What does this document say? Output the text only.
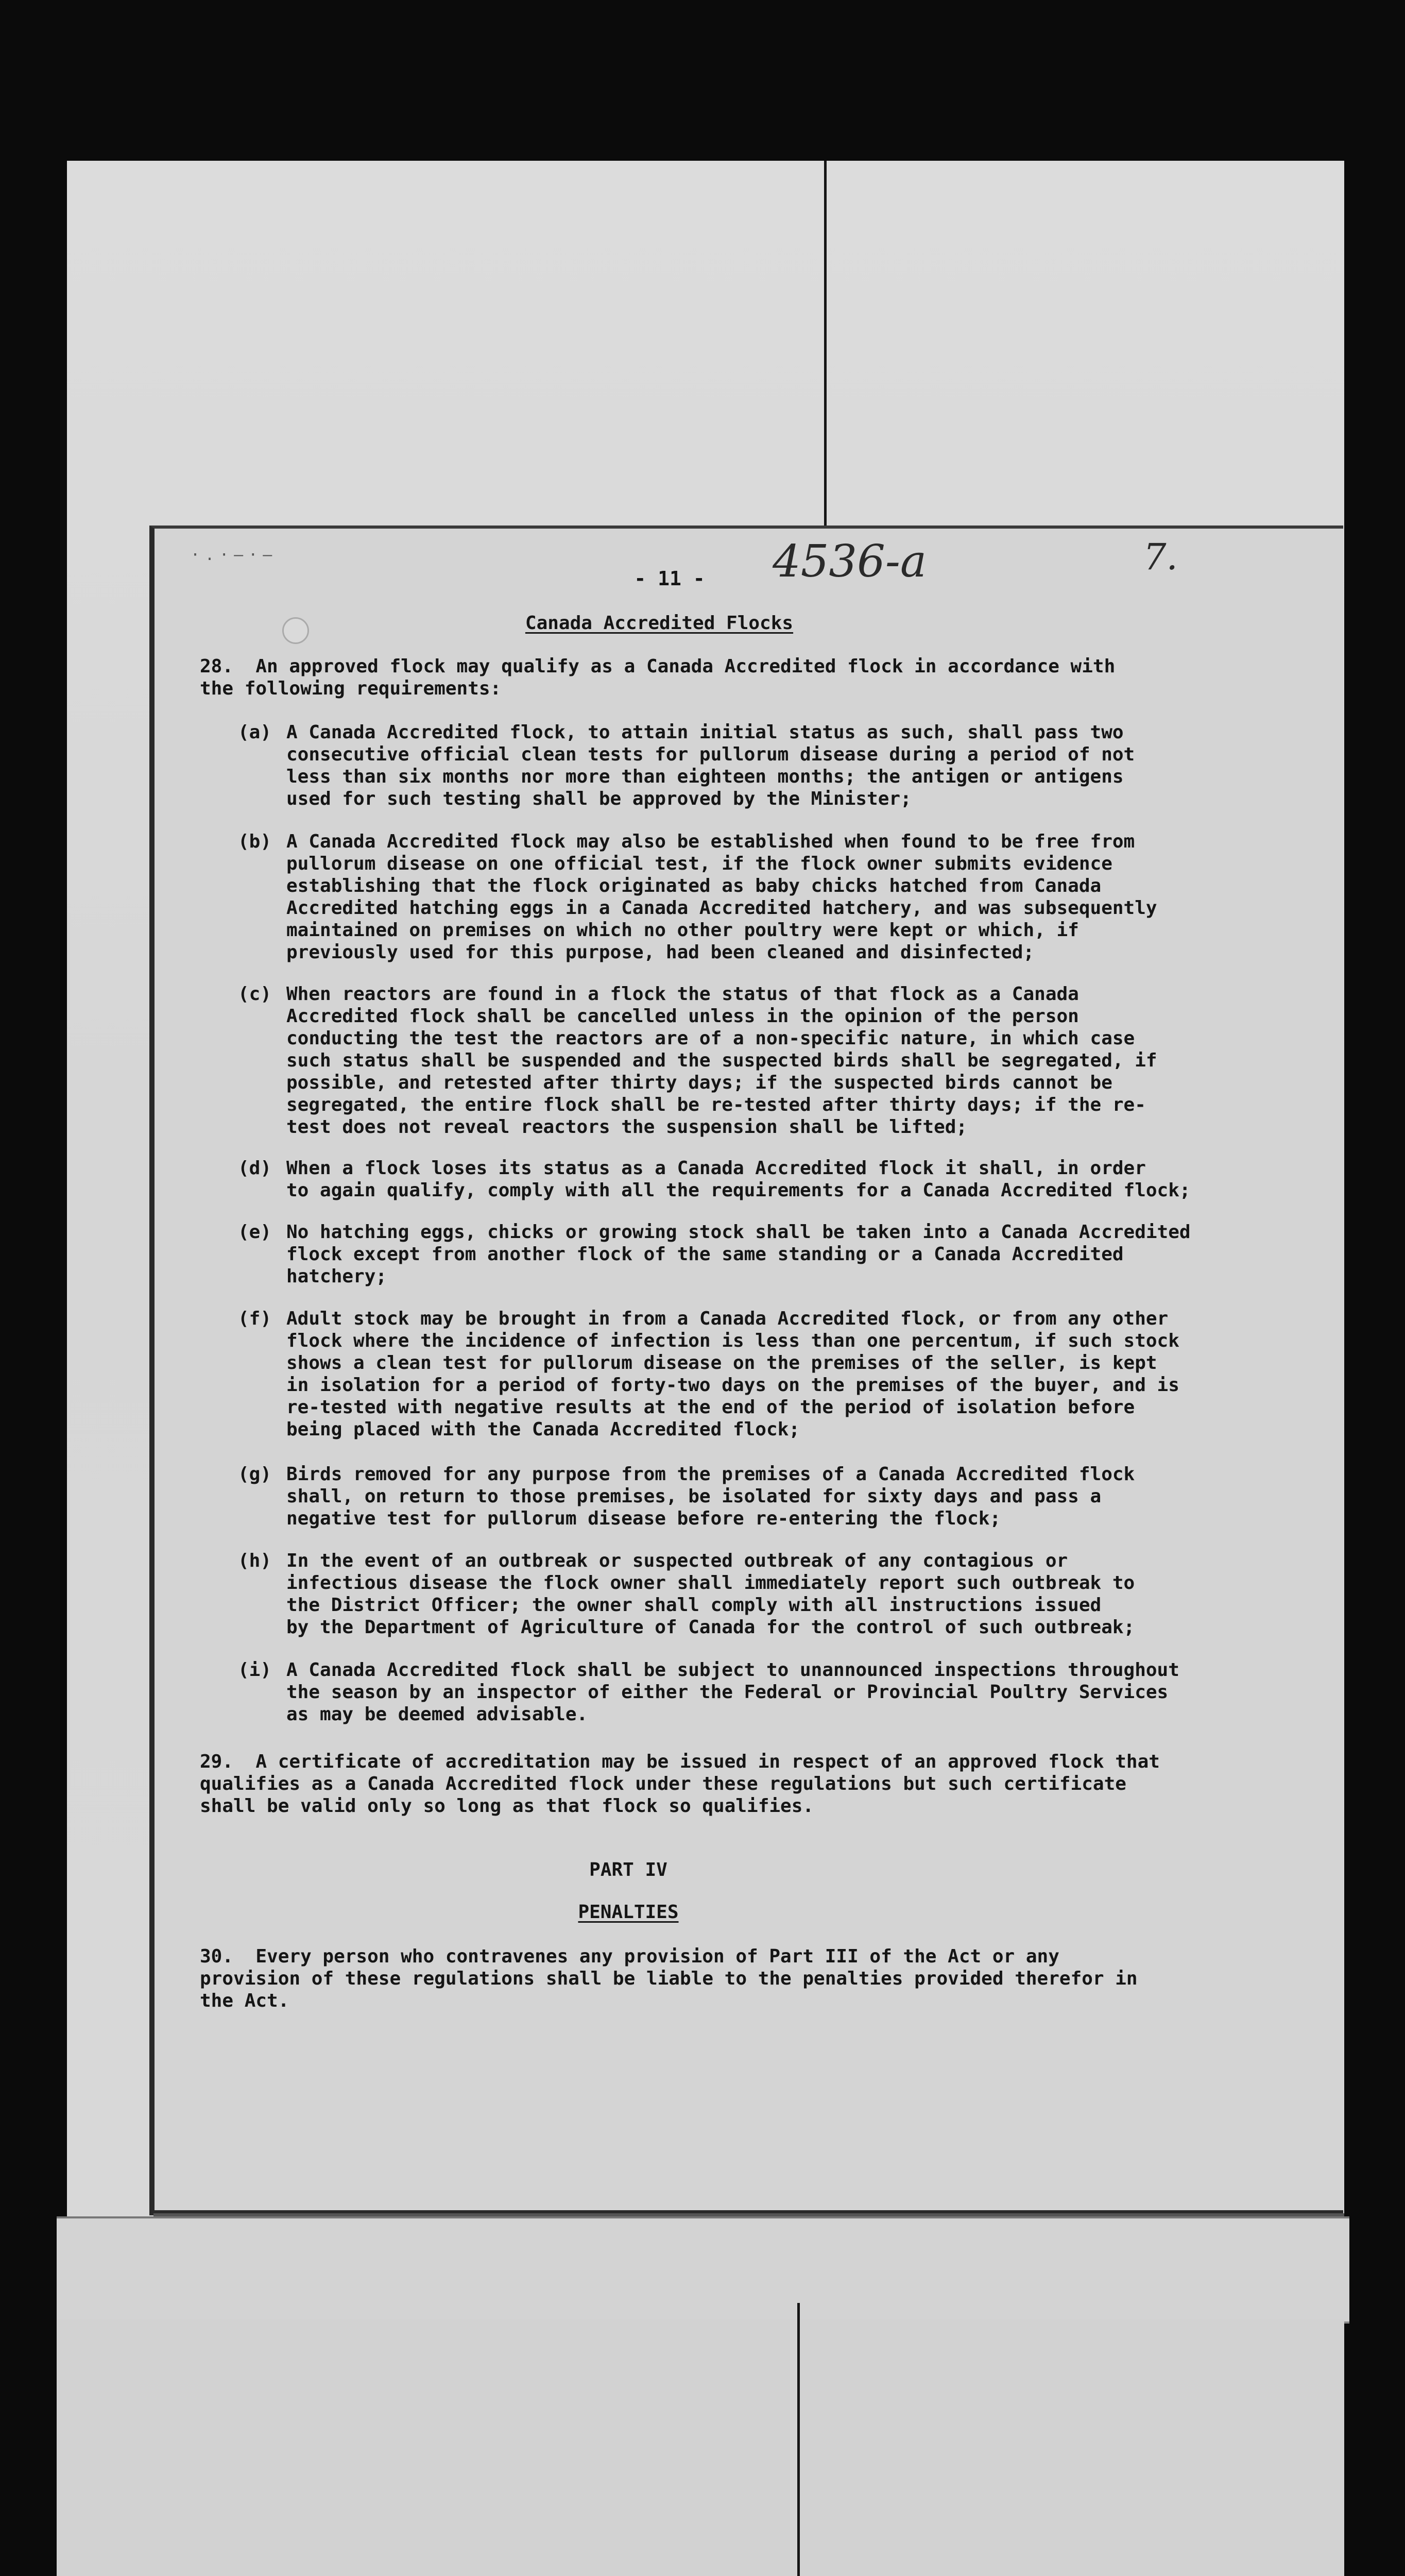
·.·—·—
- 11 -	4536-a	7.
Canada Accredited Flocks
28.  An approved flock may qualify as a Canada Accredited flock in accordance with
the following requirements:
(a) A Canada Accredited flock, to attain initial status as such, shall pass two
consecutive official clean tests for pullorum disease during a period of not
less than six months nor more than eighteen months; the antigen or antigens
used for such testing shall be approved by the Minister;
(b) A Canada Accredited flock may also be established when found to be free from
pullorum disease on one official test, if the flock owner submits evidence
establishing that the flock originated as baby chicks hatched from Canada
Accredited hatching eggs in a Canada Accredited hatchery, and was subsequently
maintained on premises on which no other poultry were kept or which, if
previously used for this purpose, had been cleaned and disinfected;
(c) When reactors are found in a flock the status of that flock as a Canada
Accredited flock shall be cancelled unless in the opinion of the person
conducting the test the reactors are of a non-specific nature, in which case
such status shall be suspended and the suspected birds shall be segregated, if
possible, and retested after thirty days; if the suspected birds cannot be
segregated, the entire flock shall be re-tested after thirty days; if the re-
test does not reveal reactors the suspension shall be lifted;
(d) When a flock loses its status as a Canada Accredited flock it shall, in order
to again qualify, comply with all the requirements for a Canada Accredited flock;
(e) No hatching eggs, chicks or growing stock shall be taken into a Canada Accredited
flock except from another flock of the same standing or a Canada Accredited
hatchery;
(f) Adult stock may be brought in from a Canada Accredited flock, or from any other
flock where the incidence of infection is less than one percentum, if such stock
shows a clean test for pullorum disease on the premises of the seller, is kept
in isolation for a period of forty-two days on the premises of the buyer, and is
re-tested with negative results at the end of the period of isolation before
being placed with the Canada Accredited flock;
(g) Birds removed for any purpose from the premises of a Canada Accredited flock
shall, on return to those premises, be isolated for sixty days and pass a
negative test for pullorum disease before re-entering the flock;
(h) In the event of an outbreak or suspected outbreak of any contagious or
infectious disease the flock owner shall immediately report such outbreak to
the District Officer; the owner shall comply with all instructions issued
by the Department of Agriculture of Canada for the control of such outbreak;
(i) A Canada Accredited flock shall be subject to unannounced inspections throughout
the season by an inspector of either the Federal or Provincial Poultry Services
as may be deemed advisable.
29.  A certificate of accreditation may be issued in respect of an approved flock that
qualifies as a Canada Accredited flock under these regulations but such certificate
shall be valid only so long as that flock so qualifies.
PART IV
PENALTIES
30.  Every person who contravenes any provision of Part III of the Act or any
provision of these regulations shall be liable to the penalties provided therefor in
the Act.
